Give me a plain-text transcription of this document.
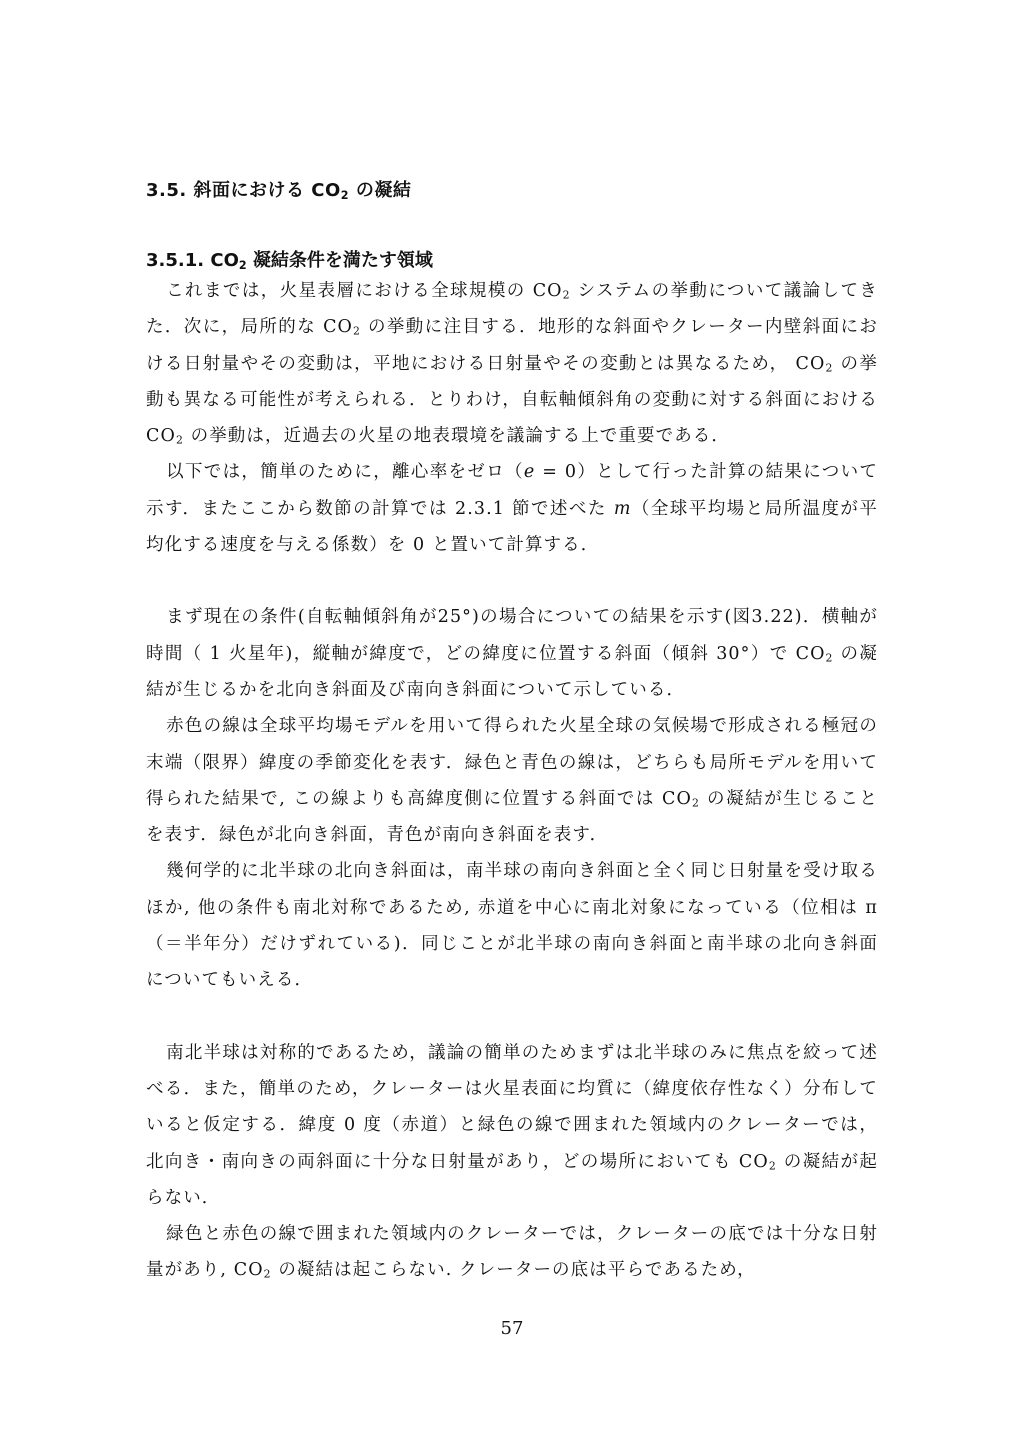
3.5. 斜面における $CO_2$ の凝結
3.5.1. $CO_2$ 凝結条件を満たす領域

これまでは，火星表層における全球規模の $CO_2$ システムの挙動について議論してきた．次に，局所的な $CO_2$ の挙動に注目する．地形的な斜面やクレーター内壁斜面における日射量やその変動は，平地における日射量やその変動とは異なるため， $CO_2$ の挙動も異なる可能性が考えられる．とりわけ，自転軸傾斜角の変動に対する斜面における $CO_2$ の挙動は，近過去の火星の地表環境を議論する上で重要である．

以下では，簡単のために，離心率をゼロ（e = 0）として行った計算の結果について示す．またここから数節の計算では 2.3.1 節で述べた m（全球平均場と局所温度が平均化する速度を与える係数）を 0 と置いて計算する．

まず現在の条件(自転軸傾斜角が25°)の場合についての結果を示す(図3.22)．横軸が時間（ 1 火星年)，縦軸が緯度で，どの緯度に位置する斜面（傾斜 30°）で $CO_2$ の凝結が生じるかを北向き斜面及び南向き斜面について示している．

赤色の線は全球平均場モデルを用いて得られた火星全球の気候場で形成される極冠の末端（限界）緯度の季節変化を表す．緑色と青色の線は，どちらも局所モデルを用いて得られた結果で, この線よりも高緯度側に位置する斜面では $CO_2$ の凝結が生じることを表す．緑色が北向き斜面，青色が南向き斜面を表す．

幾何学的に北半球の北向き斜面は，南半球の南向き斜面と全く同じ日射量を受け取るほか, 他の条件も南北対称であるため, 赤道を中心に南北対象になっている（位相は π （＝半年分）だけずれている)．同じことが北半球の南向き斜面と南半球の北向き斜面についてもいえる．

南北半球は対称的であるため，議論の簡単のためまずは北半球のみに焦点を絞って述べる．また，簡単のため，クレーターは火星表面に均質に（緯度依存性なく）分布していると仮定する．緯度 0 度（赤道）と緑色の線で囲まれた領域内のクレーターでは，北向き・南向きの両斜面に十分な日射量があり，どの場所においても $CO_2$ の凝結が起らない．

緑色と赤色の線で囲まれた領域内のクレーターでは，クレーターの底では十分な日射量があり, $CO_2$ の凝結は起こらない. クレーターの底は平らであるため，

57
